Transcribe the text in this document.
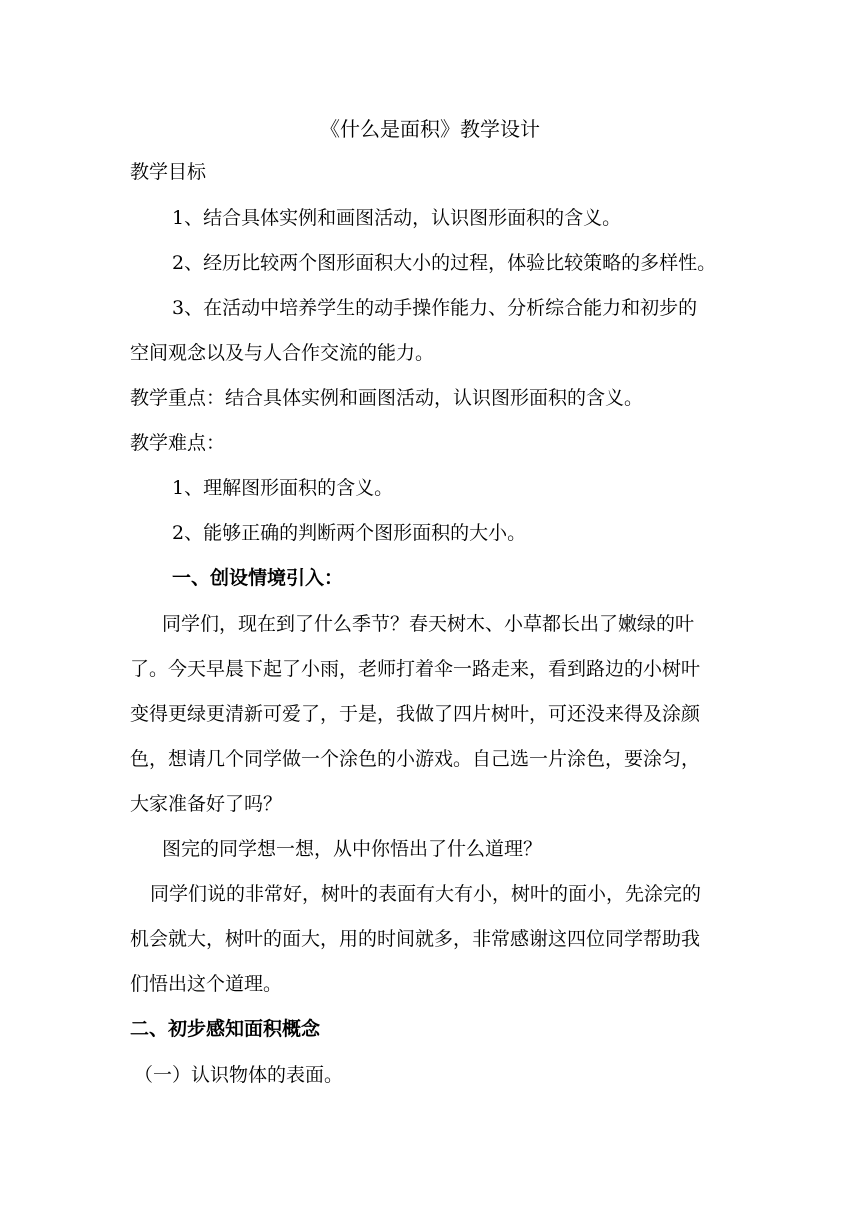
《什么是面积》教学设计
教学目标
1、结合具体实例和画图活动，认识图形面积的含义。
2、经历比较两个图形面积大小的过程，体验比较策略的多样性。
3、在活动中培养学生的动手操作能力、分析综合能力和初步的
空间观念以及与人合作交流的能力。
教学重点：结合具体实例和画图活动，认识图形面积的含义。
教学难点：
1、理解图形面积的含义。
2、能够正确的判断两个图形面积的大小。
一、创设情境引入：
同学们，现在到了什么季节？春天树木、小草都长出了嫩绿的叶
了。今天早晨下起了小雨，老师打着伞一路走来，看到路边的小树叶
变得更绿更清新可爱了，于是，我做了四片树叶，可还没来得及涂颜
色，想请几个同学做一个涂色的小游戏。自己选一片涂色，要涂匀，
大家准备好了吗？
图完的同学想一想，从中你悟出了什么道理？
同学们说的非常好，树叶的表面有大有小，树叶的面小，先涂完的
机会就大，树叶的面大，用的时间就多，非常感谢这四位同学帮助我
们悟出这个道理。
二、初步感知面积概念
（一）认识物体的表面。
